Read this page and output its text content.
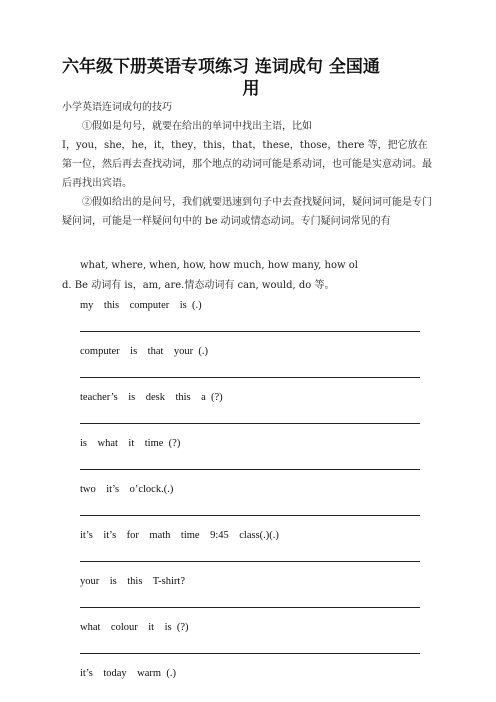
六年级下册英语专项练习 连词成句 全国通
用
小学英语连词成句的技巧
①假如是句号，就要在给出的单词中找出主语，比如
I，you，she，he，it，they，this，that，these，those，there 等，把它放在第一位，然后再去查找动词，那个地点的动词可能是系动词，也可能是实意动词。最后再找出宾语。
②假如给出的是问号，我们就要迅速到句子中去查找疑问词，疑问词可能是专门疑问词，可能是一样疑问句中的 be 动词或情态动词。专门疑问词常见的有
what, where, when, how, how much, how many, how ol
d. Be 动词有 is，am, are.情态动词有 can, would, do 等。
my    this    computer    is  (.)
computer    is    that    your  (.)
teacher’s    is    desk    this    a  (?)
is    what    it    time  (?)
two    it’s    o’clock.(.)
it’s    it’s    for    math    time    9:45    class(.)(.)
your    is    this    T-shirt?
what    colour    it    is  (?)
it’s    today    warm  (.)
